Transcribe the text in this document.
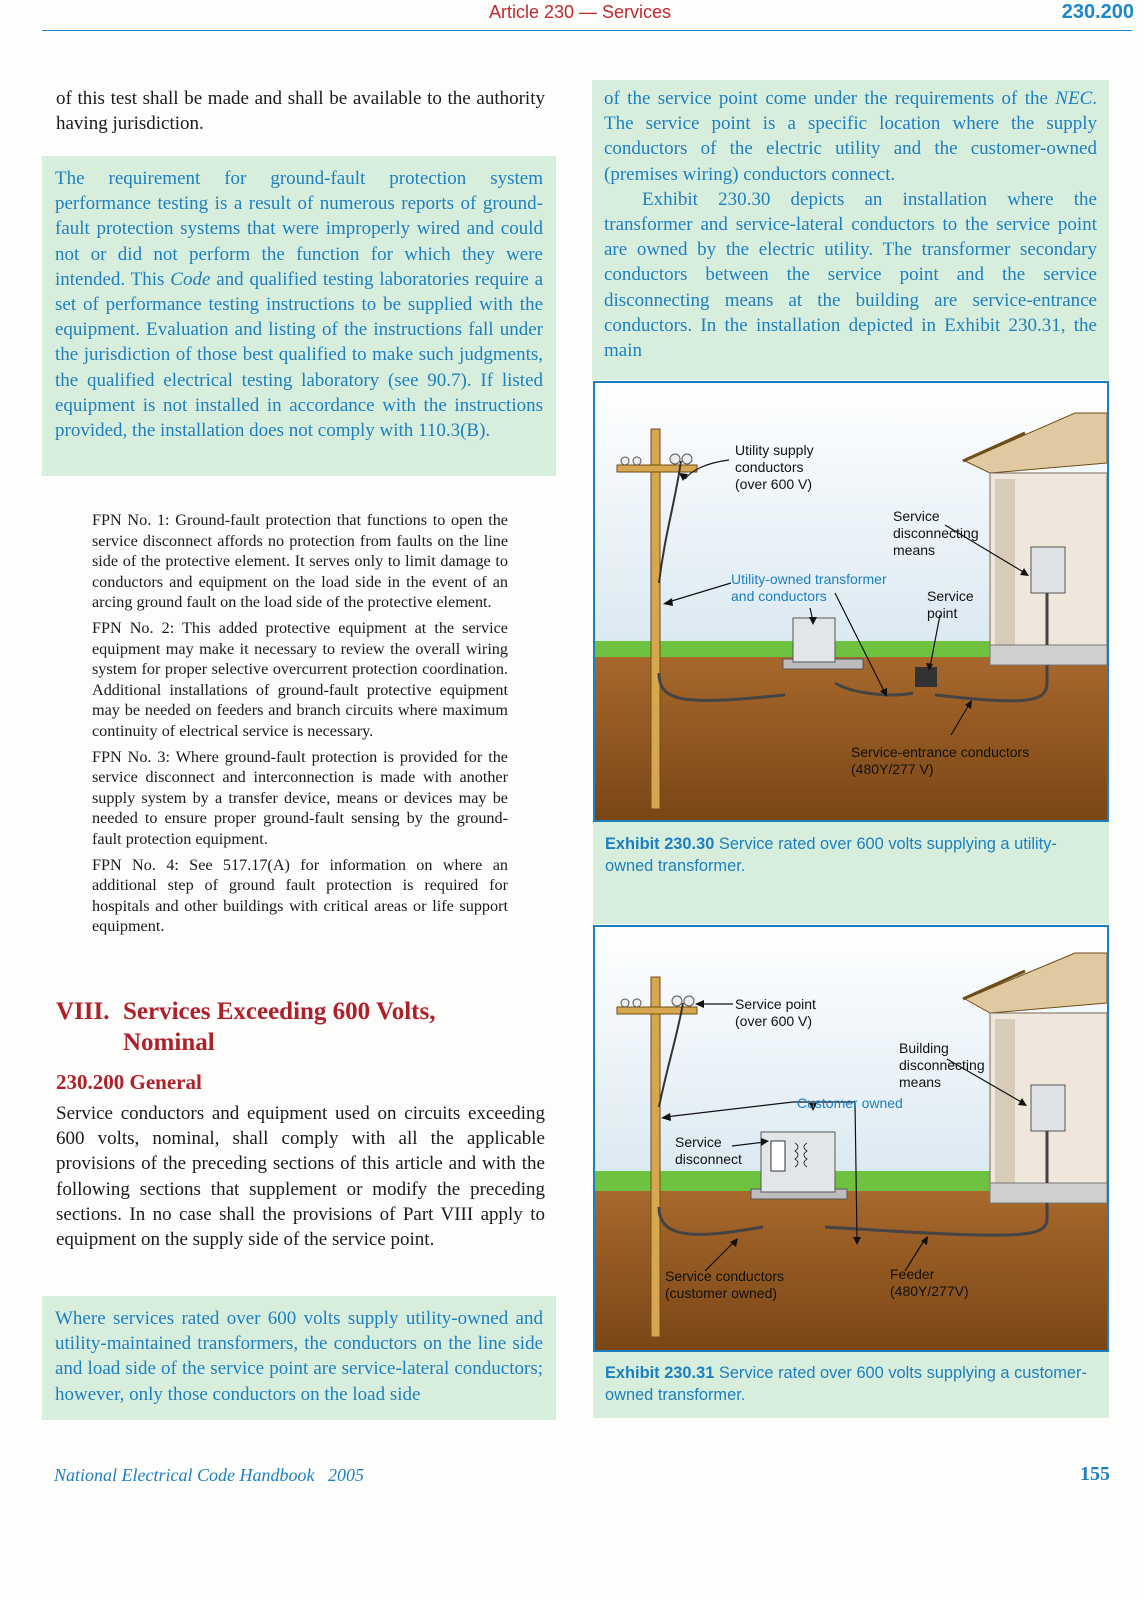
Article 230 — Services	230.200

of this test shall be made and shall be available to the authority having jurisdiction.

The requirement for ground-fault protection system performance testing is a result of numerous reports of ground-fault protection systems that were improperly wired and could not or did not perform the function for which they were intended. This Code and qualified testing laboratories require a set of performance testing instructions to be supplied with the equipment. Evaluation and listing of the instructions fall under the jurisdiction of those best qualified to make such judgments, the qualified electrical testing laboratory (see 90.7). If listed equipment is not installed in accordance with the instructions provided, the installation does not comply with 110.3(B).

FPN No. 1: Ground-fault protection that functions to open the service disconnect affords no protection from faults on the line side of the protective element. It serves only to limit damage to conductors and equipment on the load side in the event of an arcing ground fault on the load side of the protective element.

FPN No. 2: This added protective equipment at the service equipment may make it necessary to review the overall wiring system for proper selective overcurrent protection coordination. Additional installations of ground-fault protective equipment may be needed on feeders and branch circuits where maximum continuity of electrical service is necessary.

FPN No. 3: Where ground-fault protection is provided for the service disconnect and interconnection is made with another supply system by a transfer device, means or devices may be needed to ensure proper ground-fault sensing by the ground-fault protection equipment.

FPN No. 4: See 517.17(A) for information on where an additional step of ground fault protection is required for hospitals and other buildings with critical areas or life support equipment.

VIII. Services Exceeding 600 Volts,
Nominal
230.200 General

Service conductors and equipment used on circuits exceeding 600 volts, nominal, shall comply with all the applicable provisions of the preceding sections of this article and with the following sections that supplement or modify the preceding sections. In no case shall the provisions of Part VIII apply to equipment on the supply side of the service point.

Where services rated over 600 volts supply utility-owned and utility-maintained transformers, the conductors on the line side and load side of the service point are service-lateral conductors; however, only those conductors on the load side

of the service point come under the requirements of the NEC. The service point is a specific location where the supply conductors of the electric utility and the customer-owned (premises wiring) conductors connect.

Exhibit 230.30 depicts an installation where the transformer and service-lateral conductors to the service point are owned by the electric utility. The transformer secondary conductors between the service point and the service disconnecting means at the building are service-entrance conductors. In the installation depicted in Exhibit 230.31, the main

Utility supply conductors (over 600 V)
Service disconnecting means
Utility-owned transformer and conductors	Service point
Service-entrance conductors (480Y/277 V)

Exhibit 230.30 Service rated over 600 volts supplying a utility-owned transformer.

Service point (over 600 V)
Building disconnecting means
Customer owned
Service disconnect
Service conductors (customer owned)
Feeder (480Y/277V)

Exhibit 230.31 Service rated over 600 volts supplying a customer-owned transformer.

National Electrical Code Handbook   2005	155
